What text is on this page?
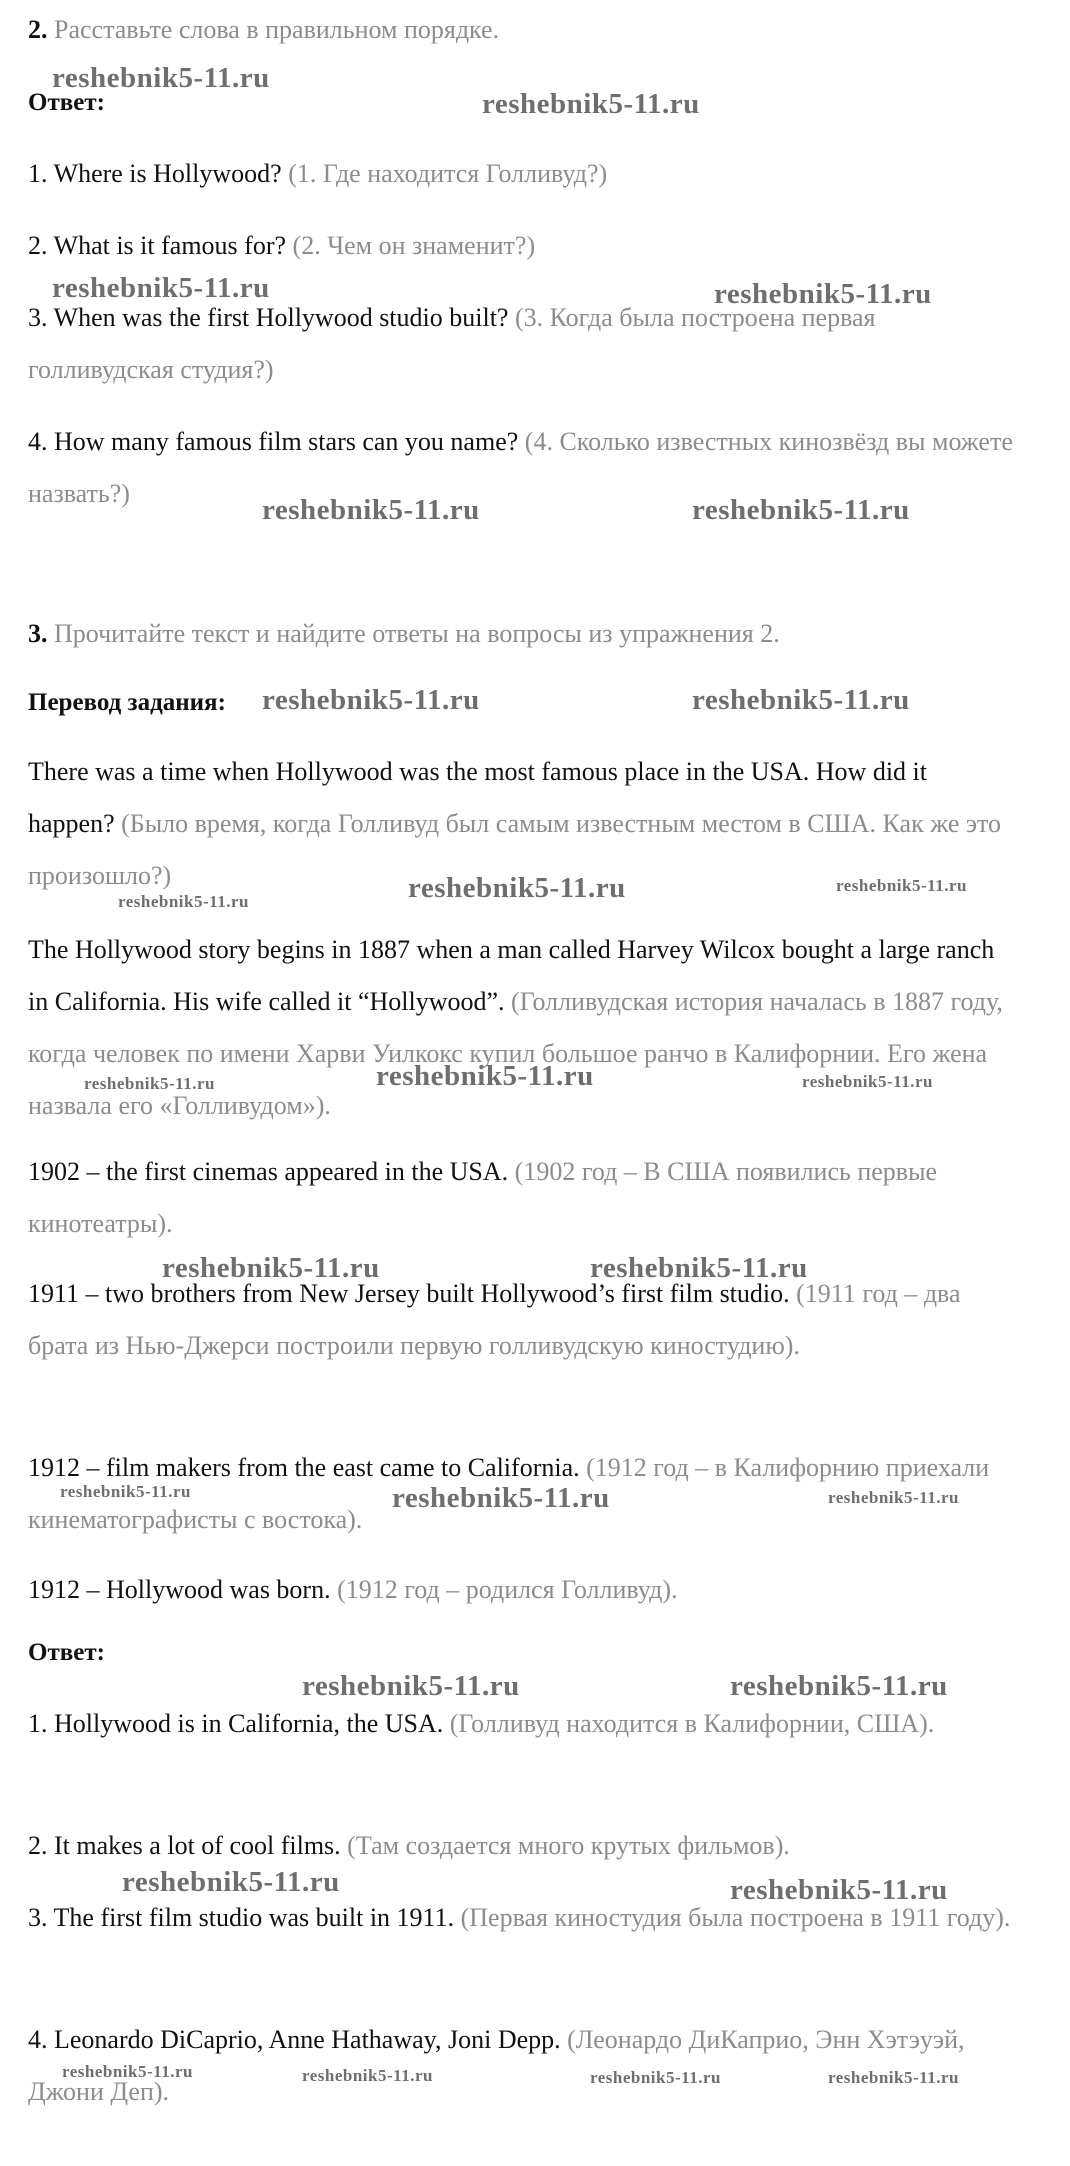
2. Расставьте слова в правильном порядке.
Ответ:
1. Where is Hollywood? (1. Где находится Голливуд?)
2. What is it famous for? (2. Чем он знаменит?)
3. When was the first Hollywood studio built? (3. Когда была построена первая голливудская студия?)
4. How many famous film stars can you name? (4. Сколько известных кинозвёзд вы можете назвать?)
3. Прочитайте текст и найдите ответы на вопросы из упражнения 2.
Перевод задания:
There was a time when Hollywood was the most famous place in the USA. How did it happen? (Было время, когда Голливуд был самым известным местом в США. Как же это произошло?)
The Hollywood story begins in 1887 when a man called Harvey Wilcox bought a large ranch in California. His wife called it “Hollywood”. (Голливудская история началась в 1887 году, когда человек по имени Харви Уилкокс купил большое ранчо в Калифорнии. Его жена назвала его «Голливудом»).
1902 – the first cinemas appeared in the USA. (1902 год – В США появились первые кинотеатры).
1911 – two brothers from New Jersey built Hollywood’s first film studio. (1911 год – два брата из Нью-Джерси построили первую голливудскую киностудию).
1912 – film makers from the east came to California. (1912 год – в Калифорнию приехали кинематографисты с востока).
1912 – Hollywood was born. (1912 год – родился Голливуд).
Ответ:
1. Hollywood is in California, the USA. (Голливуд находится в Калифорнии, США).
2. It makes a lot of cool films. (Там создается много крутых фильмов).
3. The first film studio was built in 1911. (Первая киностудия была построена в 1911 году).
4. Leonardo DiCaprio, Anne Hathaway, Joni Depp. (Леонардо ДиКаприо, Энн Хэтэуэй, Джони Деп).
reshebnik5-11.ru
reshebnik5-11.ru
reshebnik5-11.ru	reshebnik5-11.ru
reshebnik5-11.ru	reshebnik5-11.ru
reshebnik5-11.ru	reshebnik5-11.ru
reshebnik5-11.ru	reshebnik5-11.ru
reshebnik5-11.ru
reshebnik5-11.ru
reshebnik5-11.ru	reshebnik5-11.ru
reshebnik5-11.ru	reshebnik5-11.ru
reshebnik5-11.ru
reshebnik5-11.ru	reshebnik5-11.ru
reshebnik5-11.ru	reshebnik5-11.ru
reshebnik5-11.ru	reshebnik5-11.ru
reshebnik5-11.ru	reshebnik5-11.ru	reshebnik5-11.ru	reshebnik5-11.ru
